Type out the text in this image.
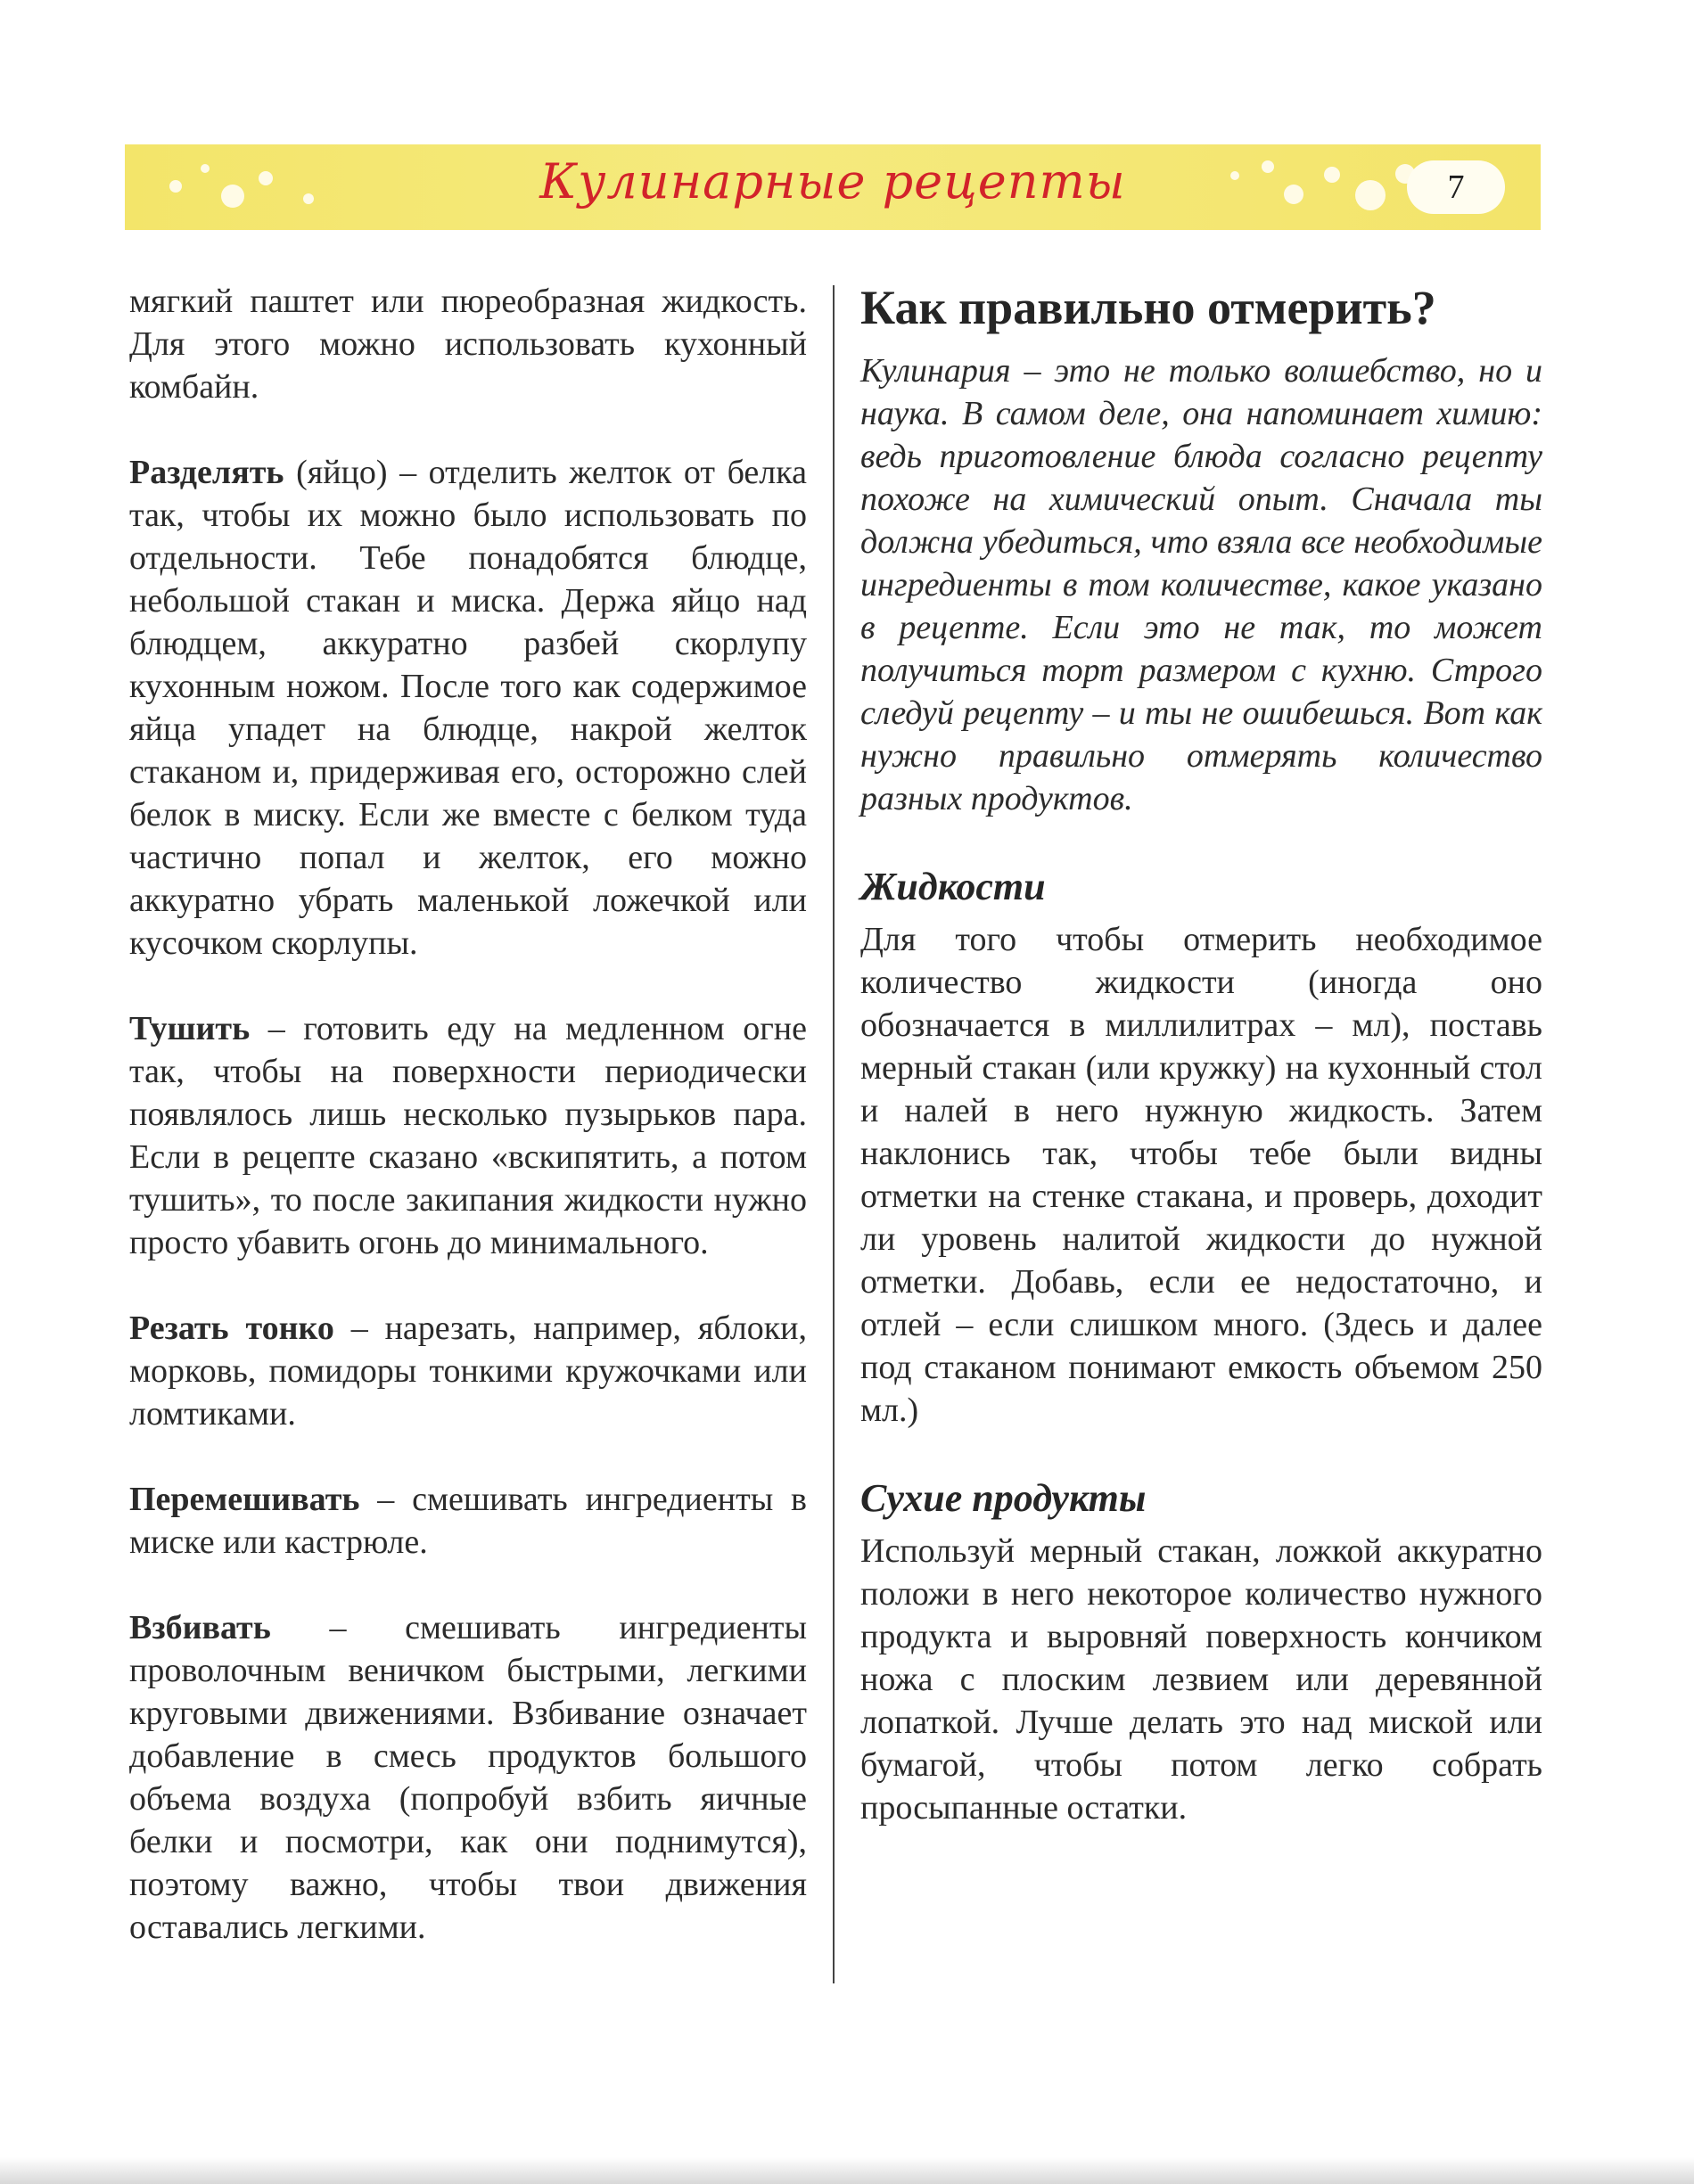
Кулинарные рецепты	7

мягкий паштет или пюреобразная жидкость. Для этого можно использовать кухонный комбайн.

Разделять (яйцо) – отделить желток от белка так, чтобы их можно было использовать по отдельности. Тебе понадобятся блюдце, небольшой стакан и миска. Держа яйцо над блюдцем, аккуратно разбей скорлупу кухонным ножом. После того как содержимое яйца упадет на блюдце, накрой желток стаканом и, придерживая его, осторожно слей белок в миску. Если же вместе с белком туда частично попал и желток, его можно аккуратно убрать маленькой ложечкой или кусочком скорлупы.

Тушить – готовить еду на медленном огне так, чтобы на поверхности периодически появлялось лишь несколько пузырьков пара. Если в рецепте сказано «вскипятить, а потом тушить», то после закипания жидкости нужно просто убавить огонь до минимального.

Резать тонко – нарезать, например, яблоки, морковь, помидоры тонкими кружочками или ломтиками.

Перемешивать – смешивать ингредиенты в миске или кастрюле.

Взбивать – смешивать ингредиенты проволочным веничком быстрыми, легкими круговыми движениями. Взбивание означает добавление в смесь продуктов большого объема воздуха (попробуй взбить яичные белки и посмотри, как они поднимутся), поэтому важно, чтобы твои движения оставались легкими.

Как правильно отмерить?

Кулинария – это не только волшебство, но и наука. В самом деле, она напоминает химию: ведь приготовление блюда согласно рецепту похоже на химический опыт. Сначала ты должна убедиться, что взяла все необходимые ингредиенты в том количестве, какое указано в рецепте. Если это не так, то может получиться торт размером с кухню. Строго следуй рецепту – и ты не ошибешься. Вот как нужно правильно отмерять количество разных продуктов.

Жидкости

Для того чтобы отмерить необходимое количество жидкости (иногда оно обозначается в миллилитрах – мл), поставь мерный стакан (или кружку) на кухонный стол и налей в него нужную жидкость. Затем наклонись так, чтобы тебе были видны отметки на стенке стакана, и проверь, доходит ли уровень налитой жидкости до нужной отметки. Добавь, если ее недостаточно, и отлей – если слишком много. (Здесь и далее под стаканом понимают емкость объемом 250 мл.)

Сухие продукты

Используй мерный стакан, ложкой аккуратно положи в него некоторое количество нужного продукта и выровняй поверхность кончиком ножа с плоским лезвием или деревянной лопаткой. Лучше делать это над миской или бумагой, чтобы потом легко собрать просыпанные остатки.
